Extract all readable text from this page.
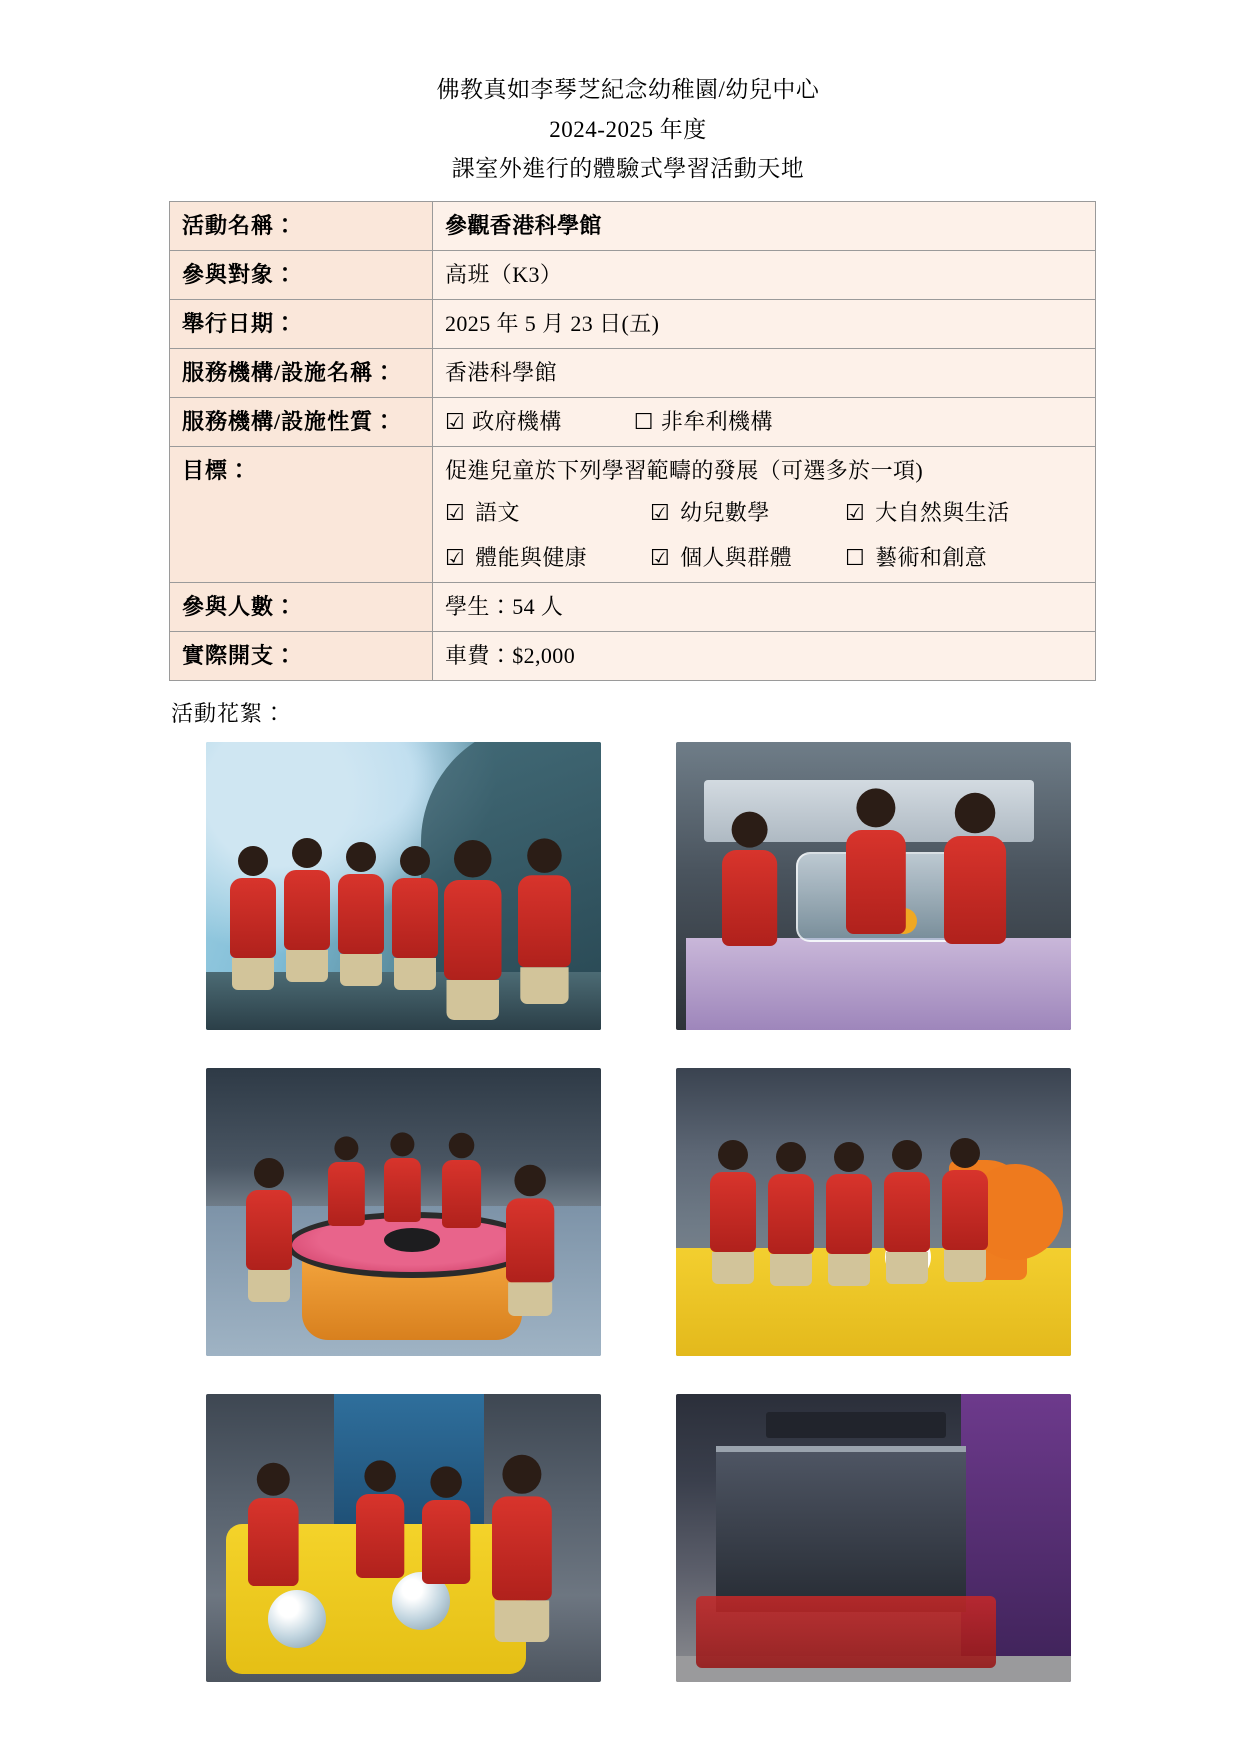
佛教真如李琴芝紀念幼稚園/幼兒中心
2024-2025 年度
課室外進行的體驗式學習活動天地
活動名稱：	參觀香港科學館
參與對象：	高班（K3）
舉行日期：	2025 年 5 月 23 日(五)
服務機構/設施名稱：	香港科學館
服務機構/設施性質：	☑ 政府機構 ☐ 非牟利機構

目標：	促進兒童於下列學習範疇的發展（可選多於一項)
☑ 語文	☑ 幼兒數學	☑ 大自然與生活
☑ 體能與健康	☑ 個人與群體 ☐ 藝術和創意

參與人數：	學生：54 人
實際開支：	車費：$2,000
活動花絮：
